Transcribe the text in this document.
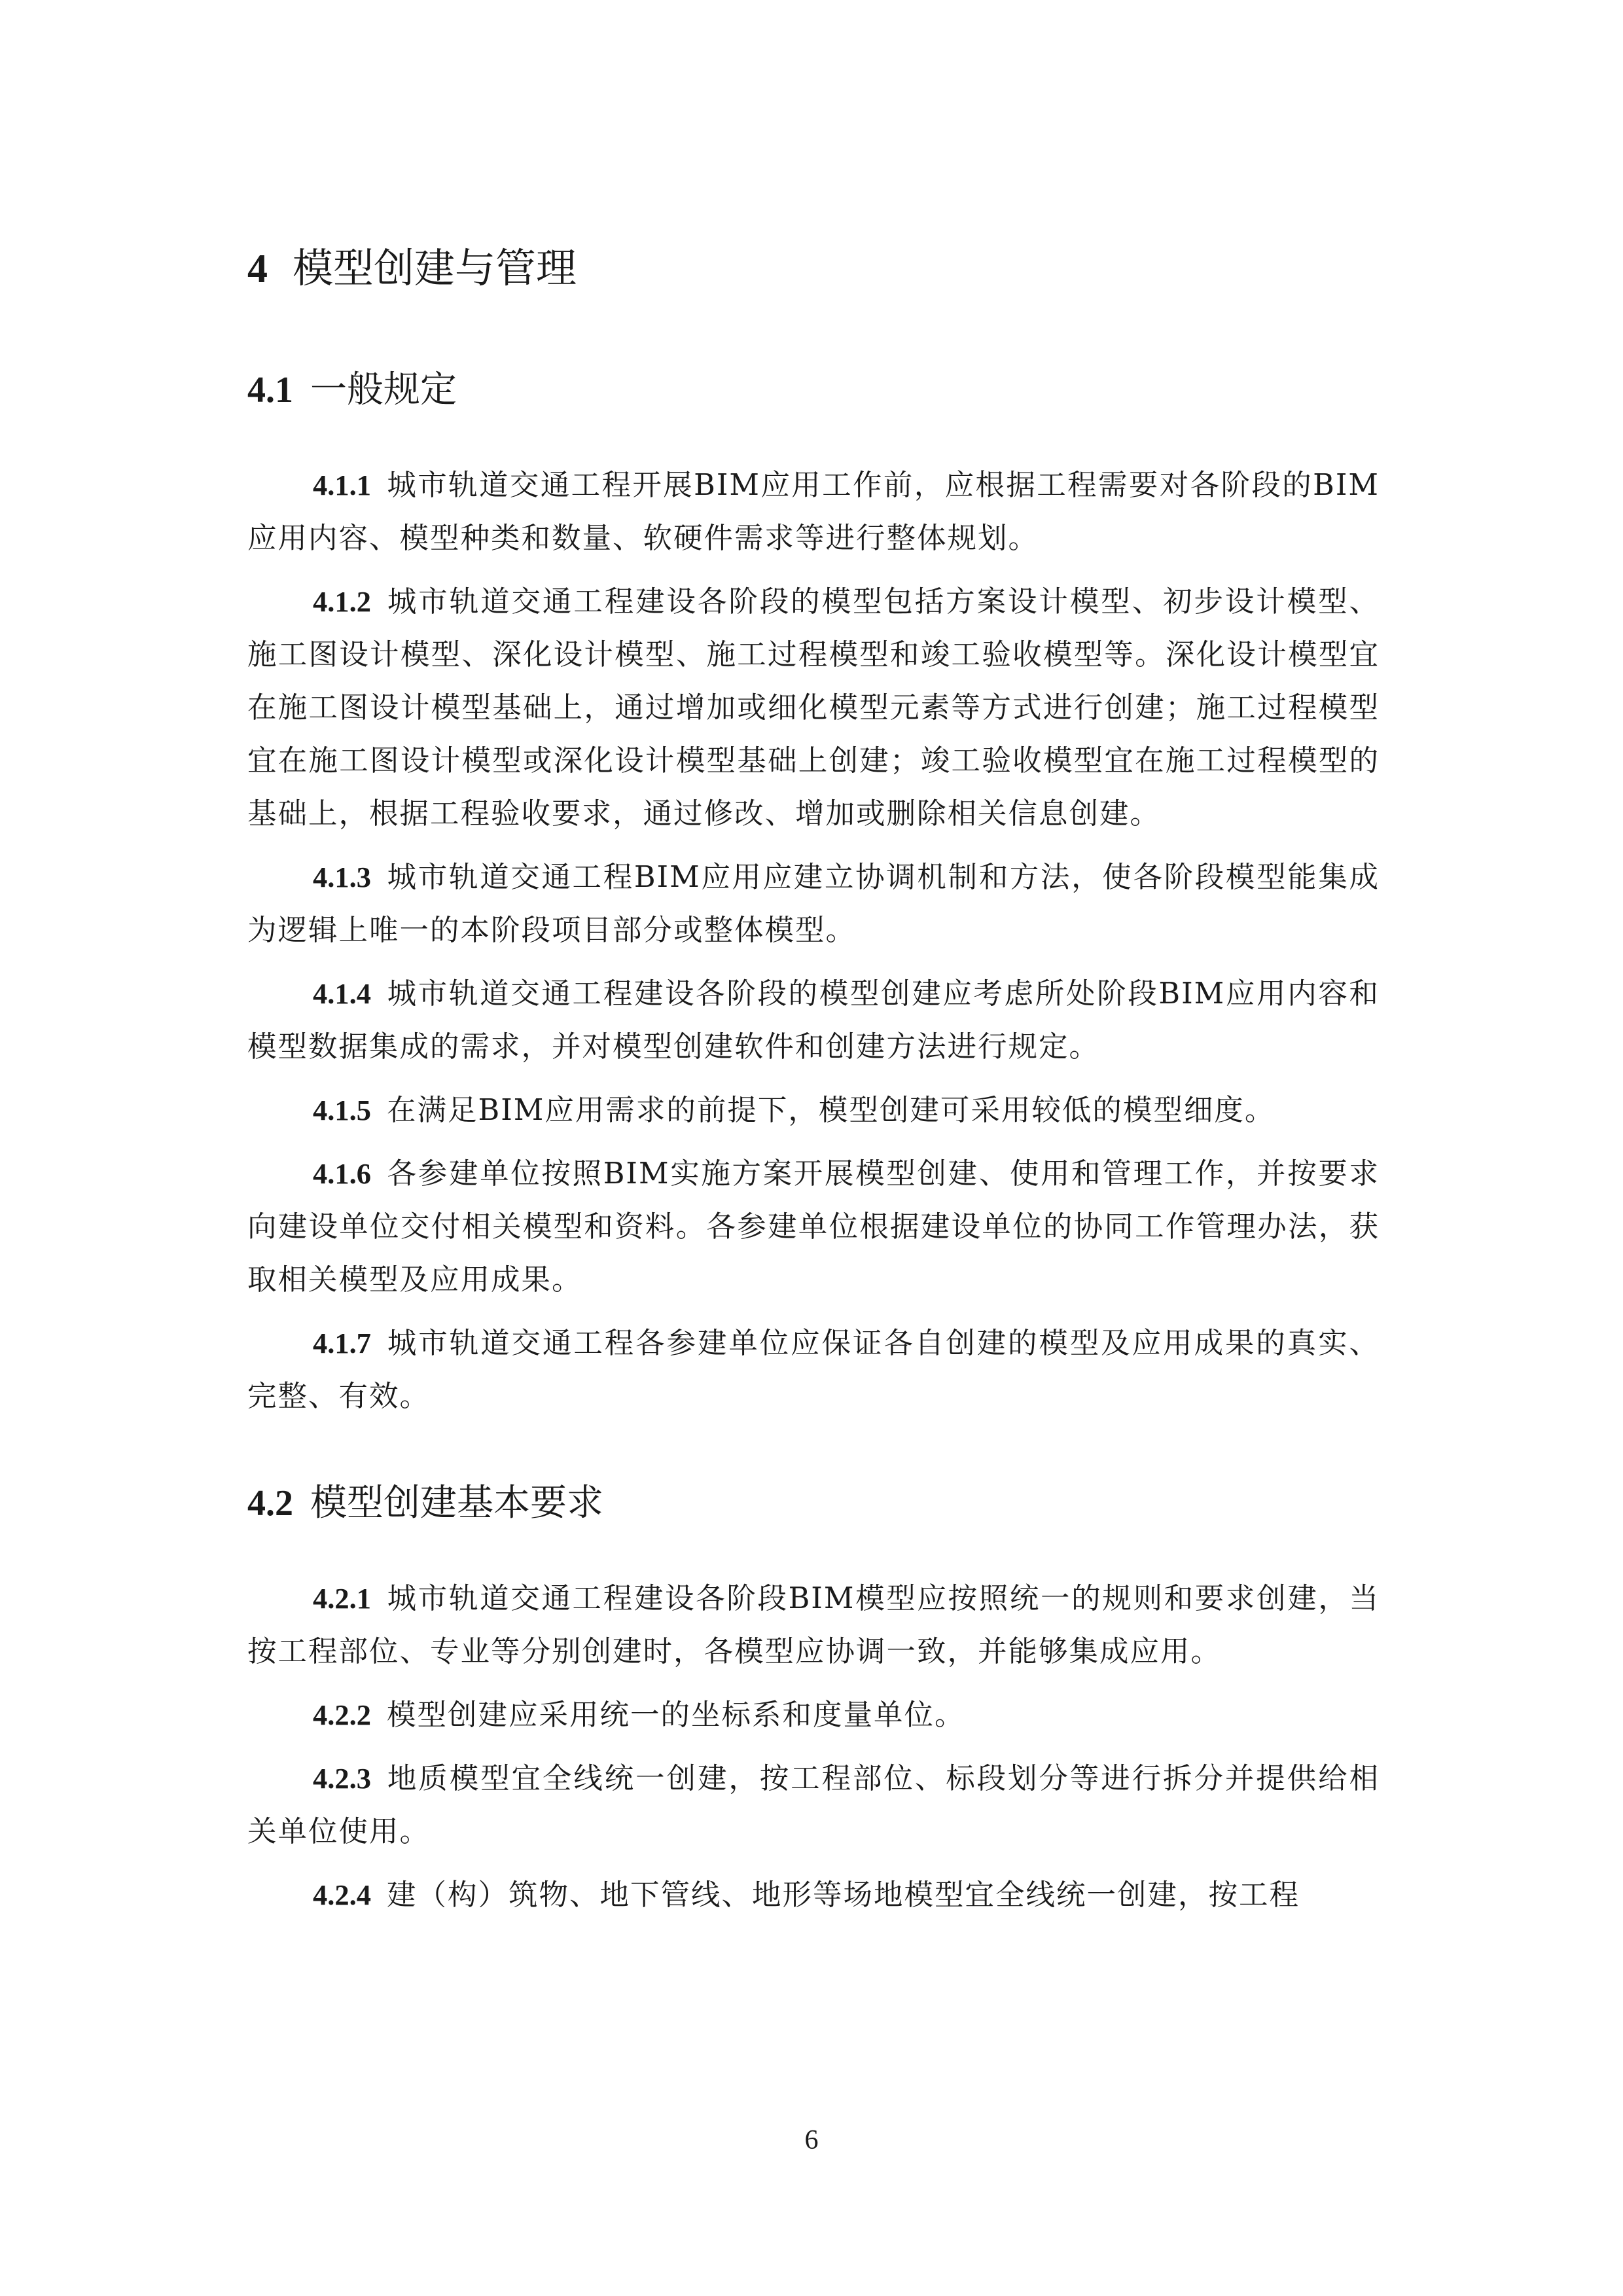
4 模型创建与管理
4.1 一般规定

4.1.1 城市轨道交通工程开展BIM应用工作前，应根据工程需要对各阶段的BIM应用内容、模型种类和数量、软硬件需求等进行整体规划。

4.1.2 城市轨道交通工程建设各阶段的模型包括方案设计模型、初步设计模型、施工图设计模型、深化设计模型、施工过程模型和竣工验收模型等。深化设计模型宜在施工图设计模型基础上，通过增加或细化模型元素等方式进行创建；施工过程模型宜在施工图设计模型或深化设计模型基础上创建；竣工验收模型宜在施工过程模型的基础上，根据工程验收要求，通过修改、增加或删除相关信息创建。

4.1.3 城市轨道交通工程BIM应用应建立协调机制和方法，使各阶段模型能集成为逻辑上唯一的本阶段项目部分或整体模型。

4.1.4 城市轨道交通工程建设各阶段的模型创建应考虑所处阶段BIM应用内容和模型数据集成的需求，并对模型创建软件和创建方法进行规定。

4.1.5 在满足BIM应用需求的前提下，模型创建可采用较低的模型细度。

4.1.6 各参建单位按照BIM实施方案开展模型创建、使用和管理工作，并按要求向建设单位交付相关模型和资料。各参建单位根据建设单位的协同工作管理办法，获取相关模型及应用成果。

4.1.7 城市轨道交通工程各参建单位应保证各自创建的模型及应用成果的真实、完整、有效。

4.2 模型创建基本要求

4.2.1 城市轨道交通工程建设各阶段BIM模型应按照统一的规则和要求创建，当按工程部位、专业等分别创建时，各模型应协调一致，并能够集成应用。

4.2.2 模型创建应采用统一的坐标系和度量单位。

4.2.3 地质模型宜全线统一创建，按工程部位、标段划分等进行拆分并提供给相关单位使用。

4.2.4 建（构）筑物、地下管线、地形等场地模型宜全线统一创建，按工程

6
